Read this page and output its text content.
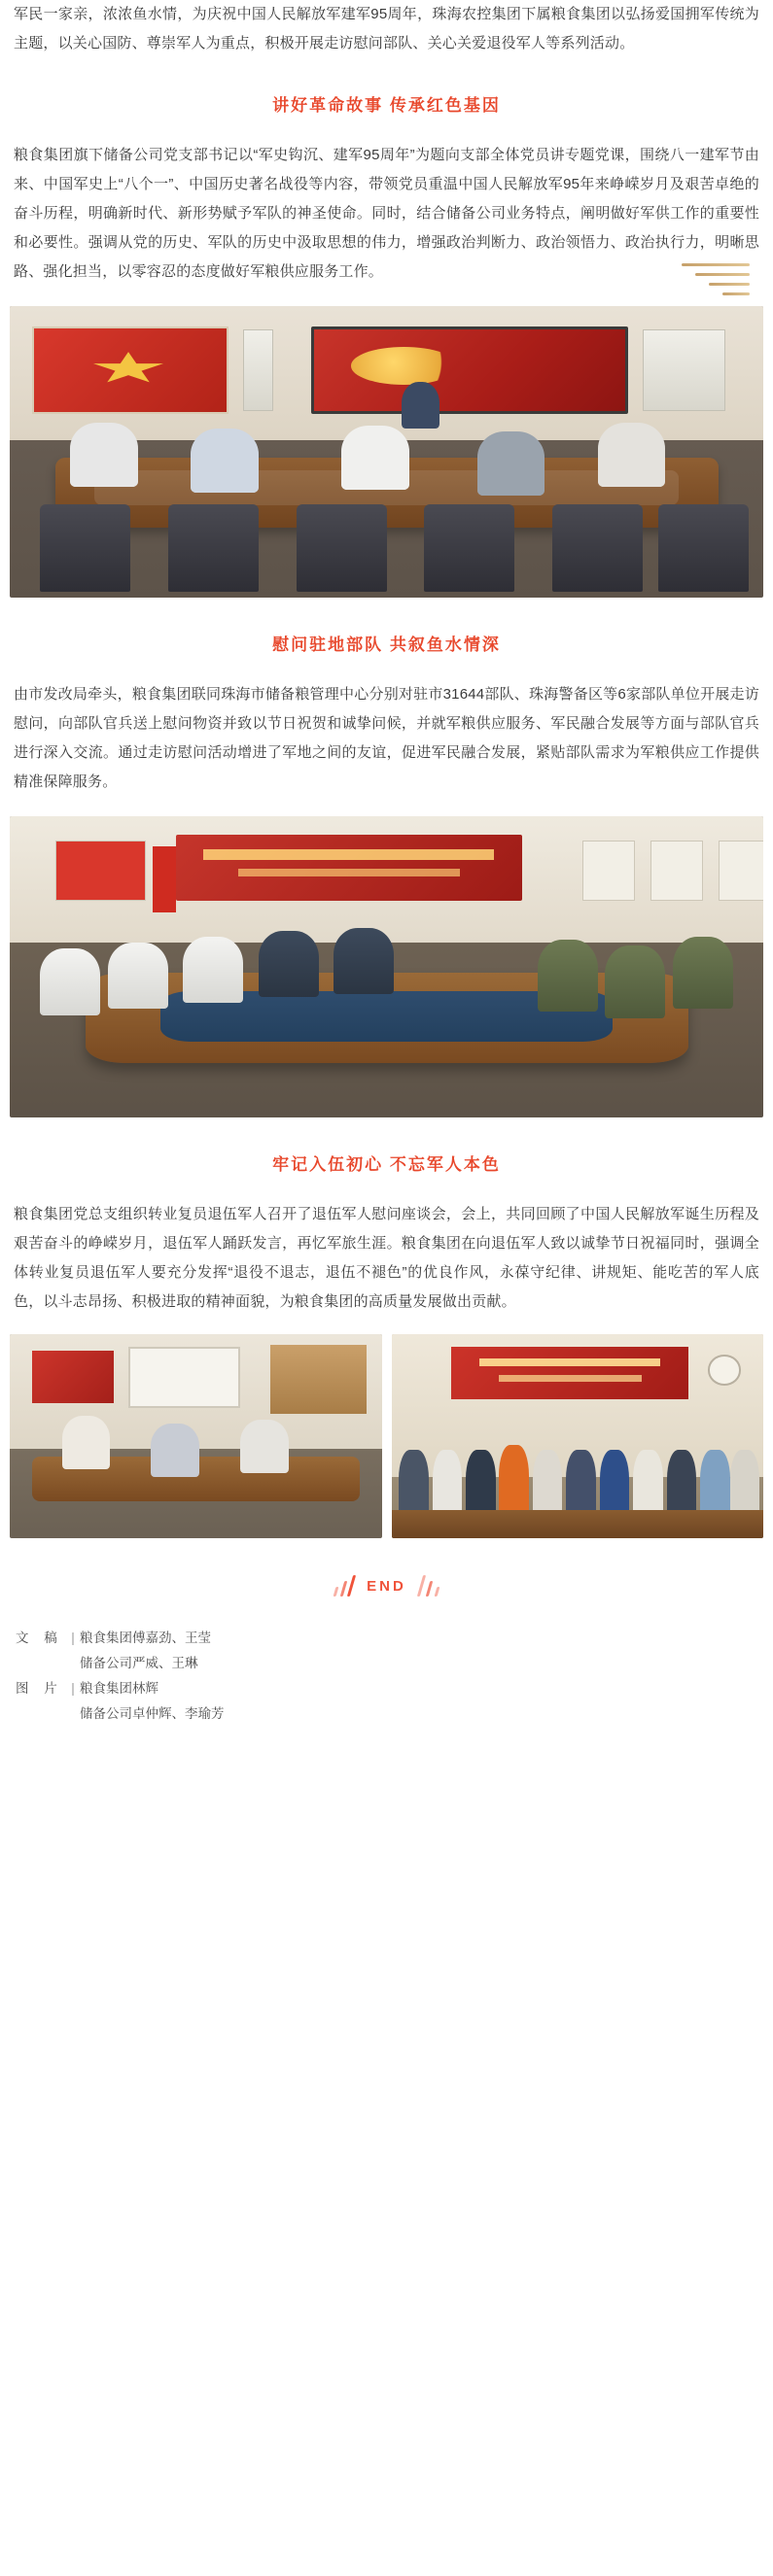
军民一家亲，浓浓鱼水情，为庆祝中国人民解放军建军95周年，珠海农控集团下属粮食集团以弘扬爱国拥军传统为主题，以关心国防、尊崇军人为重点，积极开展走访慰问部队、关心关爱退役军人等系列活动。

讲好革命故事 传承红色基因

粮食集团旗下储备公司党支部书记以“军史钩沉、建军95周年”为题向支部全体党员讲专题党课，围绕八一建军节由来、中国军史上“八个一”、中国历史著名战役等内容，带领党员重温中国人民解放军95年来峥嵘岁月及艰苦卓绝的奋斗历程，明确新时代、新形势赋予军队的神圣使命。同时，结合储备公司业务特点，阐明做好军供工作的重要性和必要性。强调从党的历史、军队的历史中汲取思想的伟力，增强政治判断力、政治领悟力、政治执行力，明晰思路、强化担当，以零容忍的态度做好军粮供应服务工作。

慰问驻地部队 共叙鱼水情深

由市发改局牵头，粮食集团联同珠海市储备粮管理中心分别对驻市31644部队、珠海警备区等6家部队单位开展走访慰问，向部队官兵送上慰问物资并致以节日祝贺和诚挚问候，并就军粮供应服务、军民融合发展等方面与部队官兵进行深入交流。通过走访慰问活动增进了军地之间的友谊，促进军民融合发展，紧贴部队需求为军粮供应工作提供精准保障服务。

牢记入伍初心 不忘军人本色

粮食集团党总支组织转业复员退伍军人召开了退伍军人慰问座谈会，会上，共同回顾了中国人民解放军诞生历程及艰苦奋斗的峥嵘岁月，退伍军人踊跃发言，再忆军旅生涯。粮食集团在向退伍军人致以诚挚节日祝福同时，强调全体转业复员退伍军人要充分发挥“退役不退志，退伍不褪色”的优良作风，永葆守纪律、讲规矩、能吃苦的军人底色，以斗志昂扬、积极进取的精神面貌，为粮食集团的高质量发展做出贡献。

END
文 稿 | 粮食集团傅嘉劲、王莹
储备公司严威、王琳
图 片 | 粮食集团林辉
储备公司卓仲辉、李瑜芳
